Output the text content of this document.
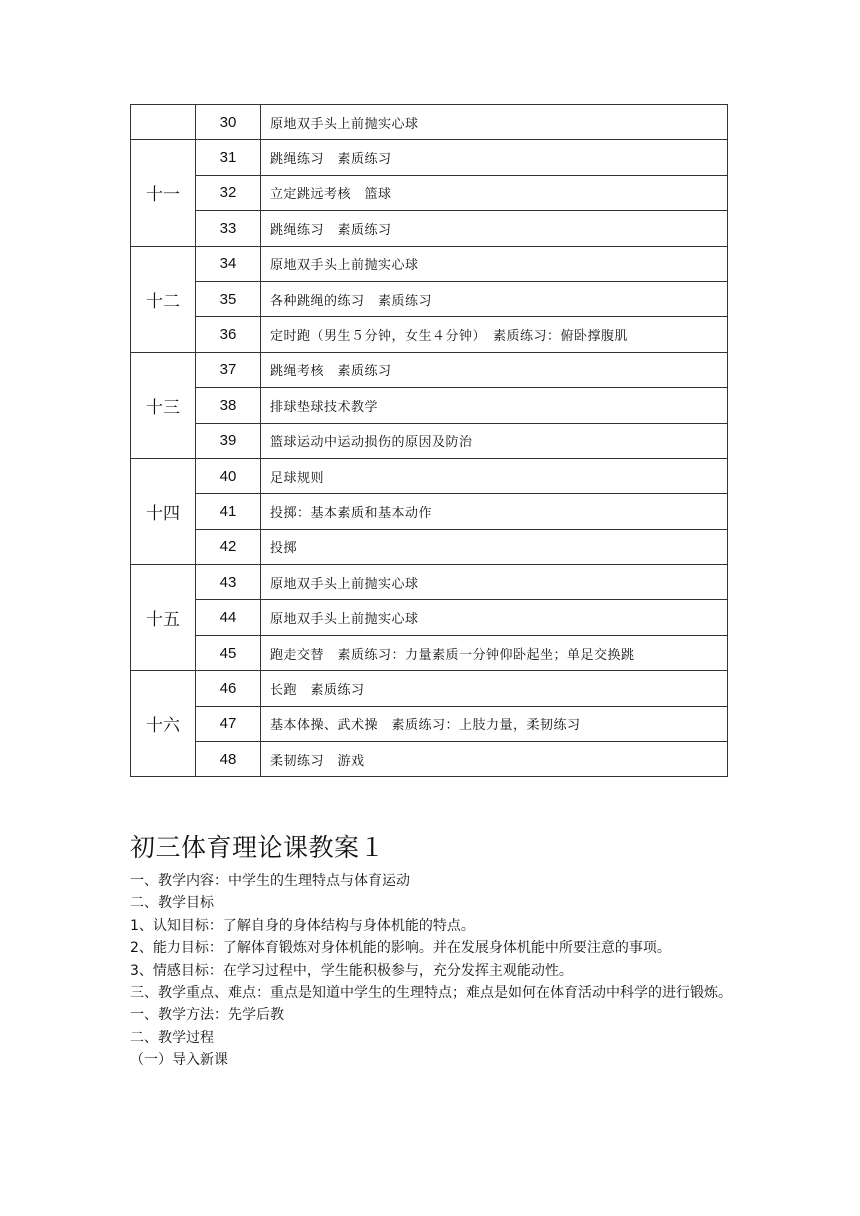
	30	原地双手头上前抛实心球
十一	31	跳绳练习　素质练习
	32	立定跳远考核　篮球
	33	跳绳练习　素质练习
十二	34	原地双手头上前抛实心球
	35	各种跳绳的练习　素质练习
	36	定时跑（男生５分钟，女生４分钟）　素质练习：俯卧撑腹肌
十三	37	跳绳考核　素质练习
	38	排球垫球技术教学
	39	篮球运动中运动损伤的原因及防治
十四	40	足球规则
	41	投掷：基本素质和基本动作
	42	投掷
十五	43	原地双手头上前抛实心球
	44	原地双手头上前抛实心球
	45	跑走交替　素质练习：力量素质一分钟仰卧起坐；单足交换跳
十六	46	长跑　素质练习
	47	基本体操、武术操　素质练习：上肢力量，柔韧练习
	48	柔韧练习　游戏
初三体育理论课教案１

一、教学内容：中学生的生理特点与体育运动

二、教学目标

1、认知目标：了解自身的身体结构与身体机能的特点。

2、能力目标：了解体育锻炼对身体机能的影响。并在发展身体机能中所要注意的事项。

3、情感目标：在学习过程中，学生能积极参与，充分发挥主观能动性。

三、教学重点、难点：重点是知道中学生的生理特点；难点是如何在体育活动中科学的进行锻炼。

一、教学方法：先学后教

二、教学过程

（一）导入新课
